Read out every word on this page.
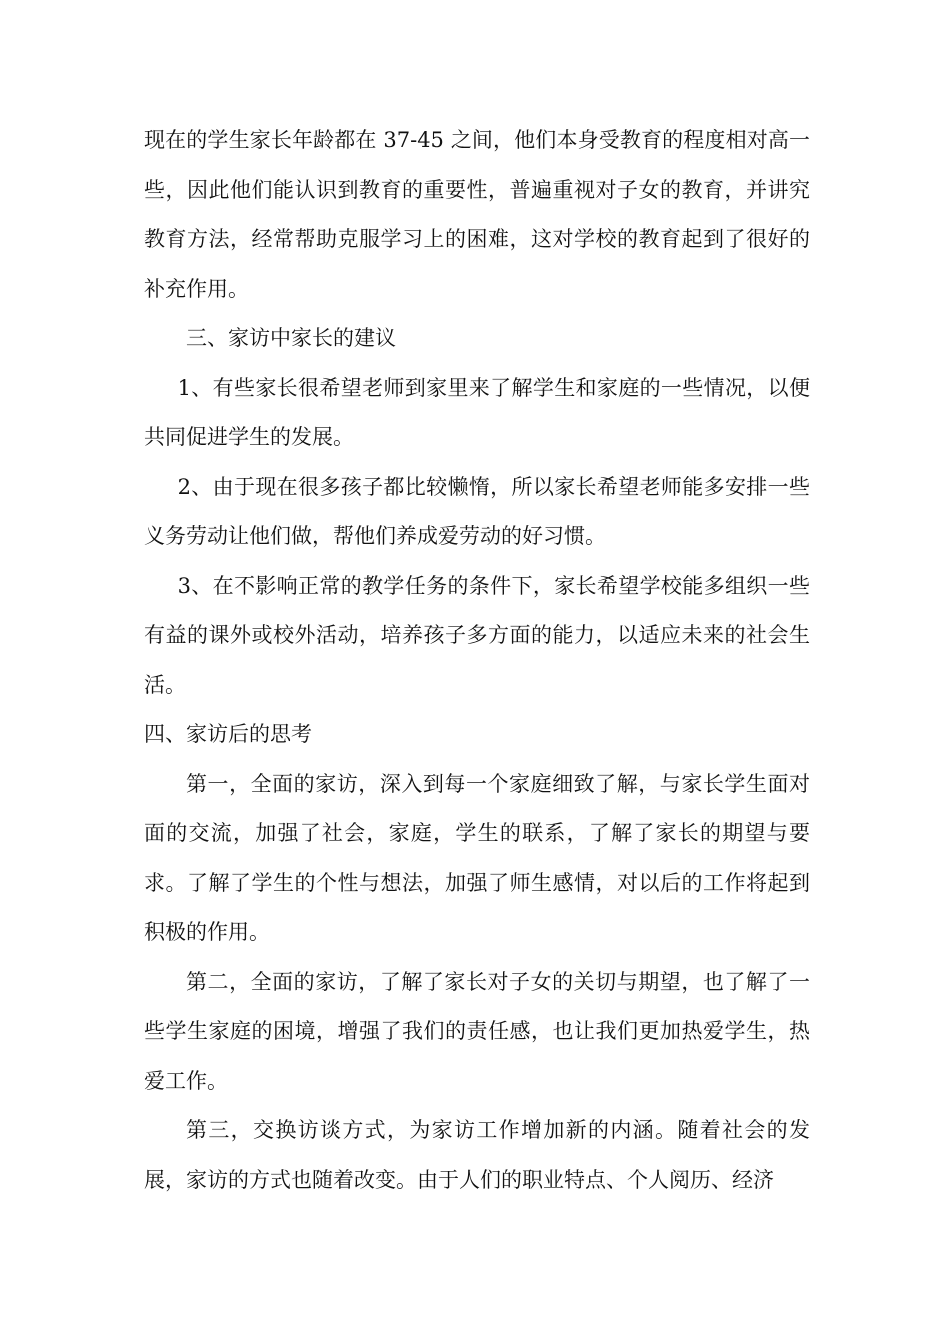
现在的学生家长年龄都在 37-45 之间，他们本身受教育的程度相对高一些，因此他们能认识到教育的重要性，普遍重视对子女的教育，并讲究教育方法，经常帮助克服学习上的困难，这对学校的教育起到了很好的补充作用。

三、家访中家长的建议

1、有些家长很希望老师到家里来了解学生和家庭的一些情况，以便共同促进学生的发展。

2、由于现在很多孩子都比较懒惰，所以家长希望老师能多安排一些义务劳动让他们做，帮他们养成爱劳动的好习惯。

3、在不影响正常的教学任务的条件下，家长希望学校能多组织一些有益的课外或校外活动，培养孩子多方面的能力，以适应未来的社会生活。

四、家访后的思考

第一，全面的家访，深入到每一个家庭细致了解，与家长学生面对面的交流，加强了社会，家庭，学生的联系，了解了家长的期望与要求。了解了学生的个性与想法，加强了师生感情，对以后的工作将起到积极的作用。

第二，全面的家访，了解了家长对子女的关切与期望，也了解了一些学生家庭的困境，增强了我们的责任感，也让我们更加热爱学生，热爱工作。

第三，交换访谈方式，为家访工作增加新的内涵。随着社会的发展，家访的方式也随着改变。由于人们的职业特点、个人阅历、经济
